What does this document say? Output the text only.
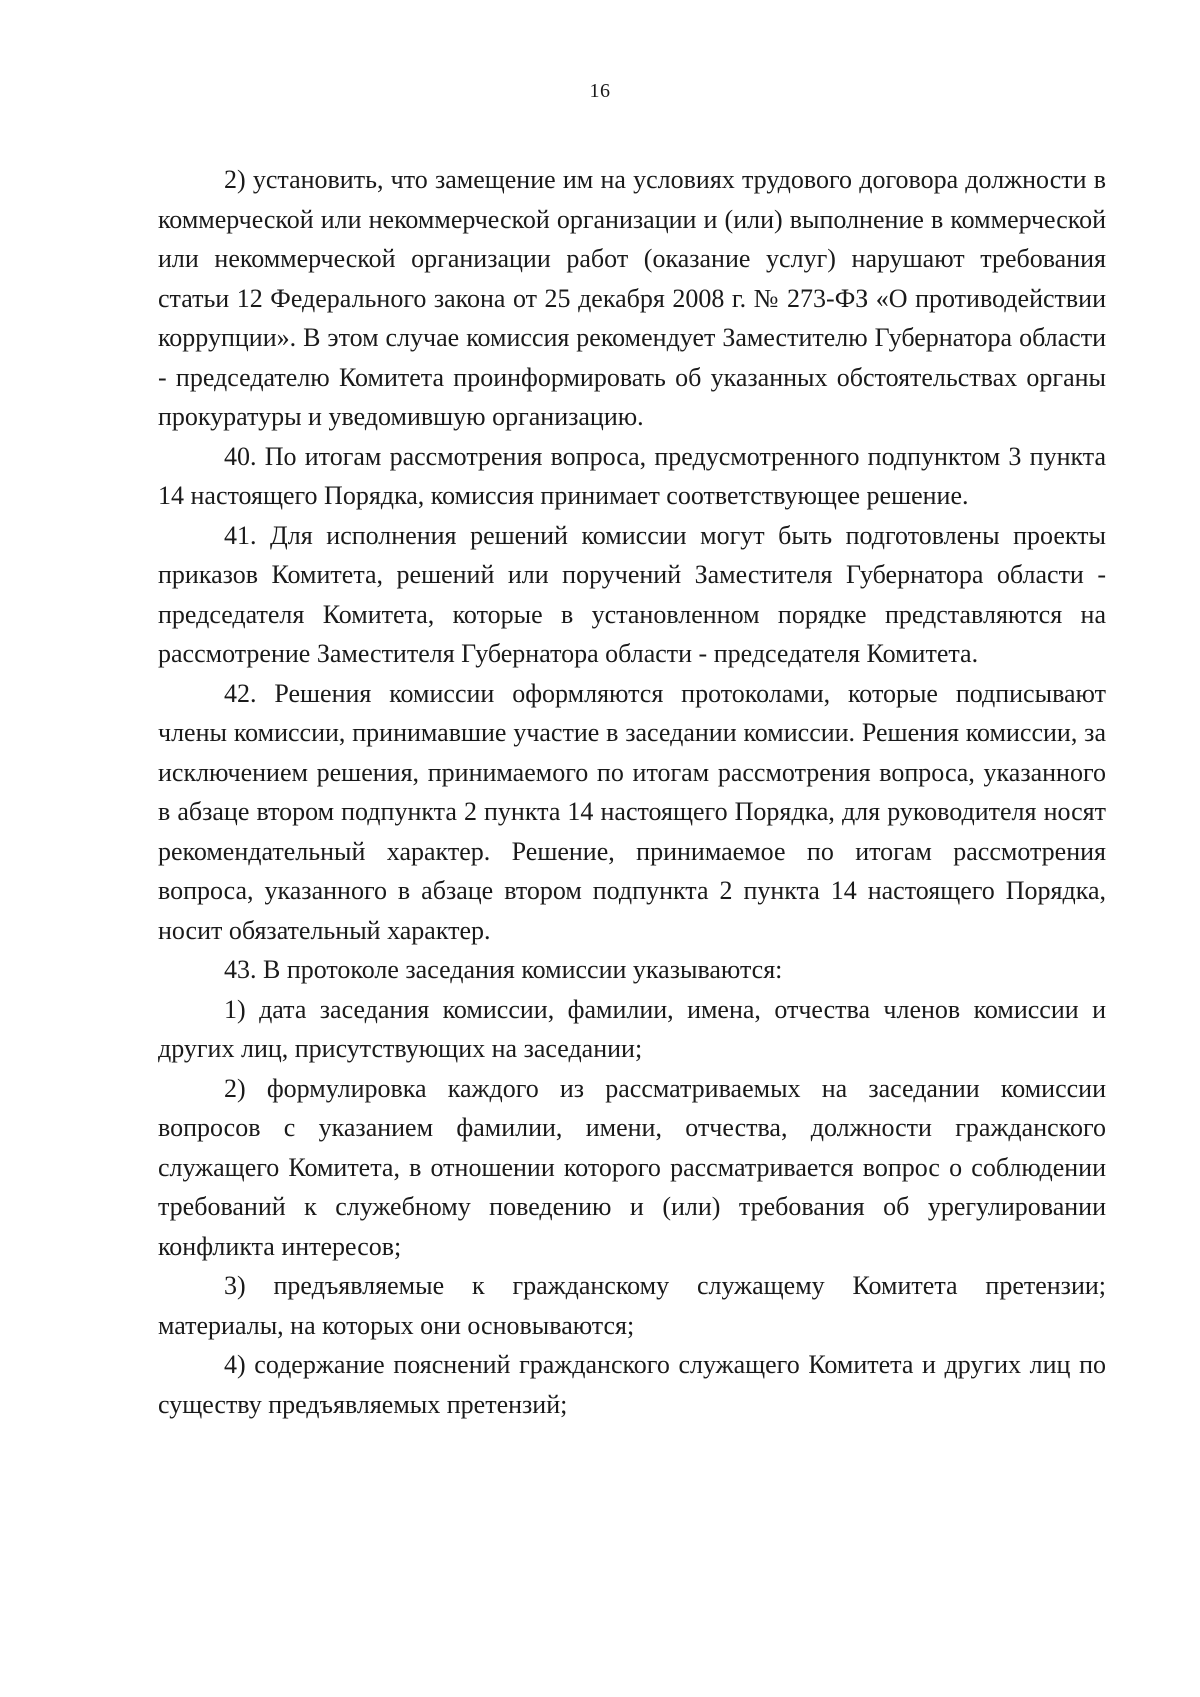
16

2) установить, что замещение им на условиях трудового договора должности в коммерческой или некоммерческой организации и (или) выполнение в коммерческой или некоммерческой организации работ (оказание услуг) нарушают требования статьи 12 Федерального закона от 25 декабря 2008 г. № 273-ФЗ «О противодействии коррупции». В этом случае комиссия рекомендует Заместителю Губернатора области - председателю Комитета проинформировать об указанных обстоятельствах органы прокуратуры и уведомившую организацию.

40. По итогам рассмотрения вопроса, предусмотренного подпунктом 3 пункта 14 настоящего Порядка, комиссия принимает соответствующее решение.

41. Для исполнения решений комиссии могут быть подготовлены проекты приказов Комитета, решений или поручений Заместителя Губернатора области - председателя Комитета, которые в установленном порядке представляются на рассмотрение Заместителя Губернатора области - председателя Комитета.

42. Решения комиссии оформляются протоколами, которые подписывают члены комиссии, принимавшие участие в заседании комиссии. Решения комиссии, за исключением решения, принимаемого по итогам рассмотрения вопроса, указанного в абзаце втором подпункта 2 пункта 14 настоящего Порядка, для руководителя носят рекомендательный характер. Решение, принимаемое по итогам рассмотрения вопроса, указанного в абзаце втором подпункта 2 пункта 14 настоящего Порядка, носит обязательный характер.

43. В протоколе заседания комиссии указываются:

1) дата заседания комиссии, фамилии, имена, отчества членов комиссии и других лиц, присутствующих на заседании;

2) формулировка каждого из рассматриваемых на заседании комиссии вопросов с указанием фамилии, имени, отчества, должности гражданского служащего Комитета, в отношении которого рассматривается вопрос о соблюдении требований к служебному поведению и (или) требования об урегулировании конфликта интересов;

3) предъявляемые к гражданскому служащему Комитета претензии; материалы, на которых они основываются;

4) содержание пояснений гражданского служащего Комитета и других лиц по существу предъявляемых претензий;
